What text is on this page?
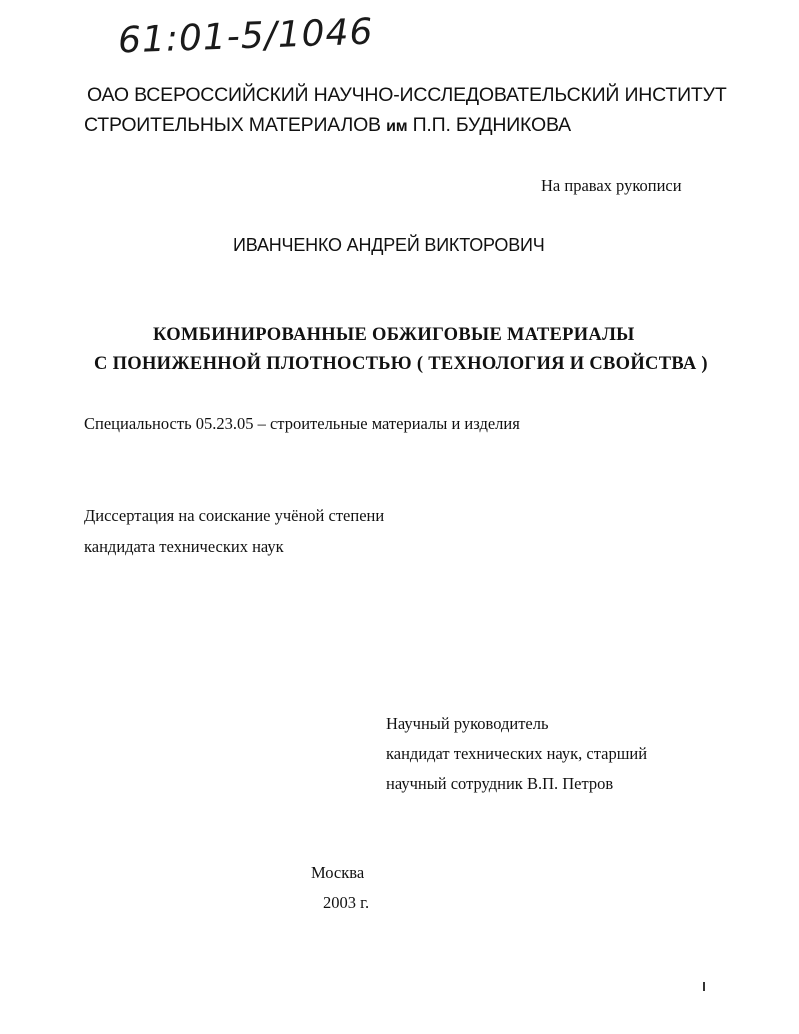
61:01-5/1046

ОАО ВСЕРОССИЙСКИЙ НАУЧНО-ИССЛЕДОВАТЕЛЬСКИЙ ИНСТИТУТ

СТРОИТЕЛЬНЫХ МАТЕРИАЛОВ им П.П. БУДНИКОВА

На правах рукописи

ИВАНЧЕНКО АНДРЕЙ ВИКТОРОВИЧ

КОМБИНИРОВАННЫЕ ОБЖИГОВЫЕ МАТЕРИАЛЫ

С ПОНИЖЕННОЙ ПЛОТНОСТЬЮ ( ТЕХНОЛОГИЯ И СВОЙСТВА )

Специальность 05.23.05 – строительные материалы и изделия

Диссертация на соискание учёной степени

кандидата технических наук

Научный руководитель

кандидат технических наук, старший

научный сотрудник В.П. Петров

Москва

2003 г.
